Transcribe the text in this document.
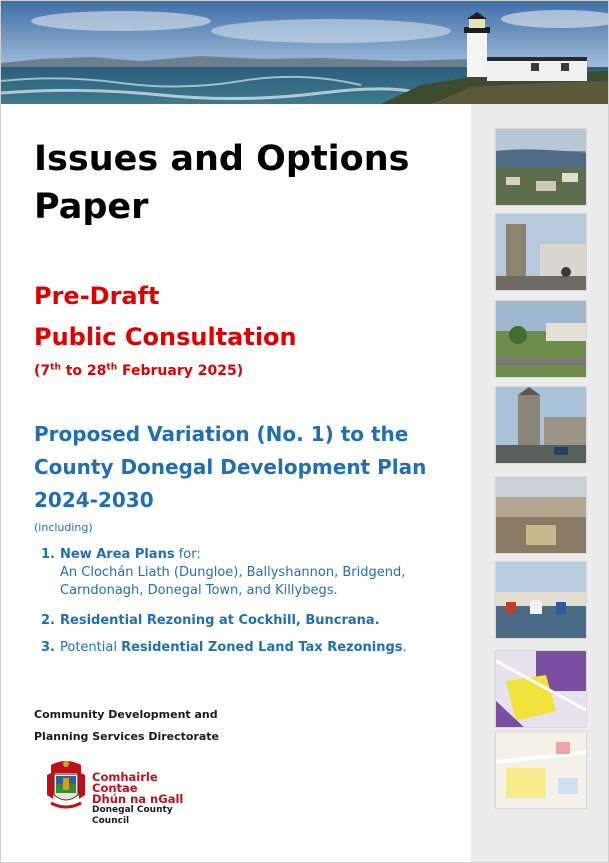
Issues and Options Paper
Pre-Draft
Public Consultation
(7th to 28th February 2025)
Proposed Variation (No. 1) to the County Donegal Development Plan 2024-2030
(including)
1. New Area Plans for:
An Clochán Liath (Dungloe), Ballyshannon, Bridgend, Carndonagh, Donegal Town, and Killybegs.
2. Residential Rezoning at Cockhill, Buncrana.
3. Potential Residential Zoned Land Tax Rezonings.
Community Development and
Planning Services Directorate
Comhairle Contae
Dhún na nGall
Donegal County Council
